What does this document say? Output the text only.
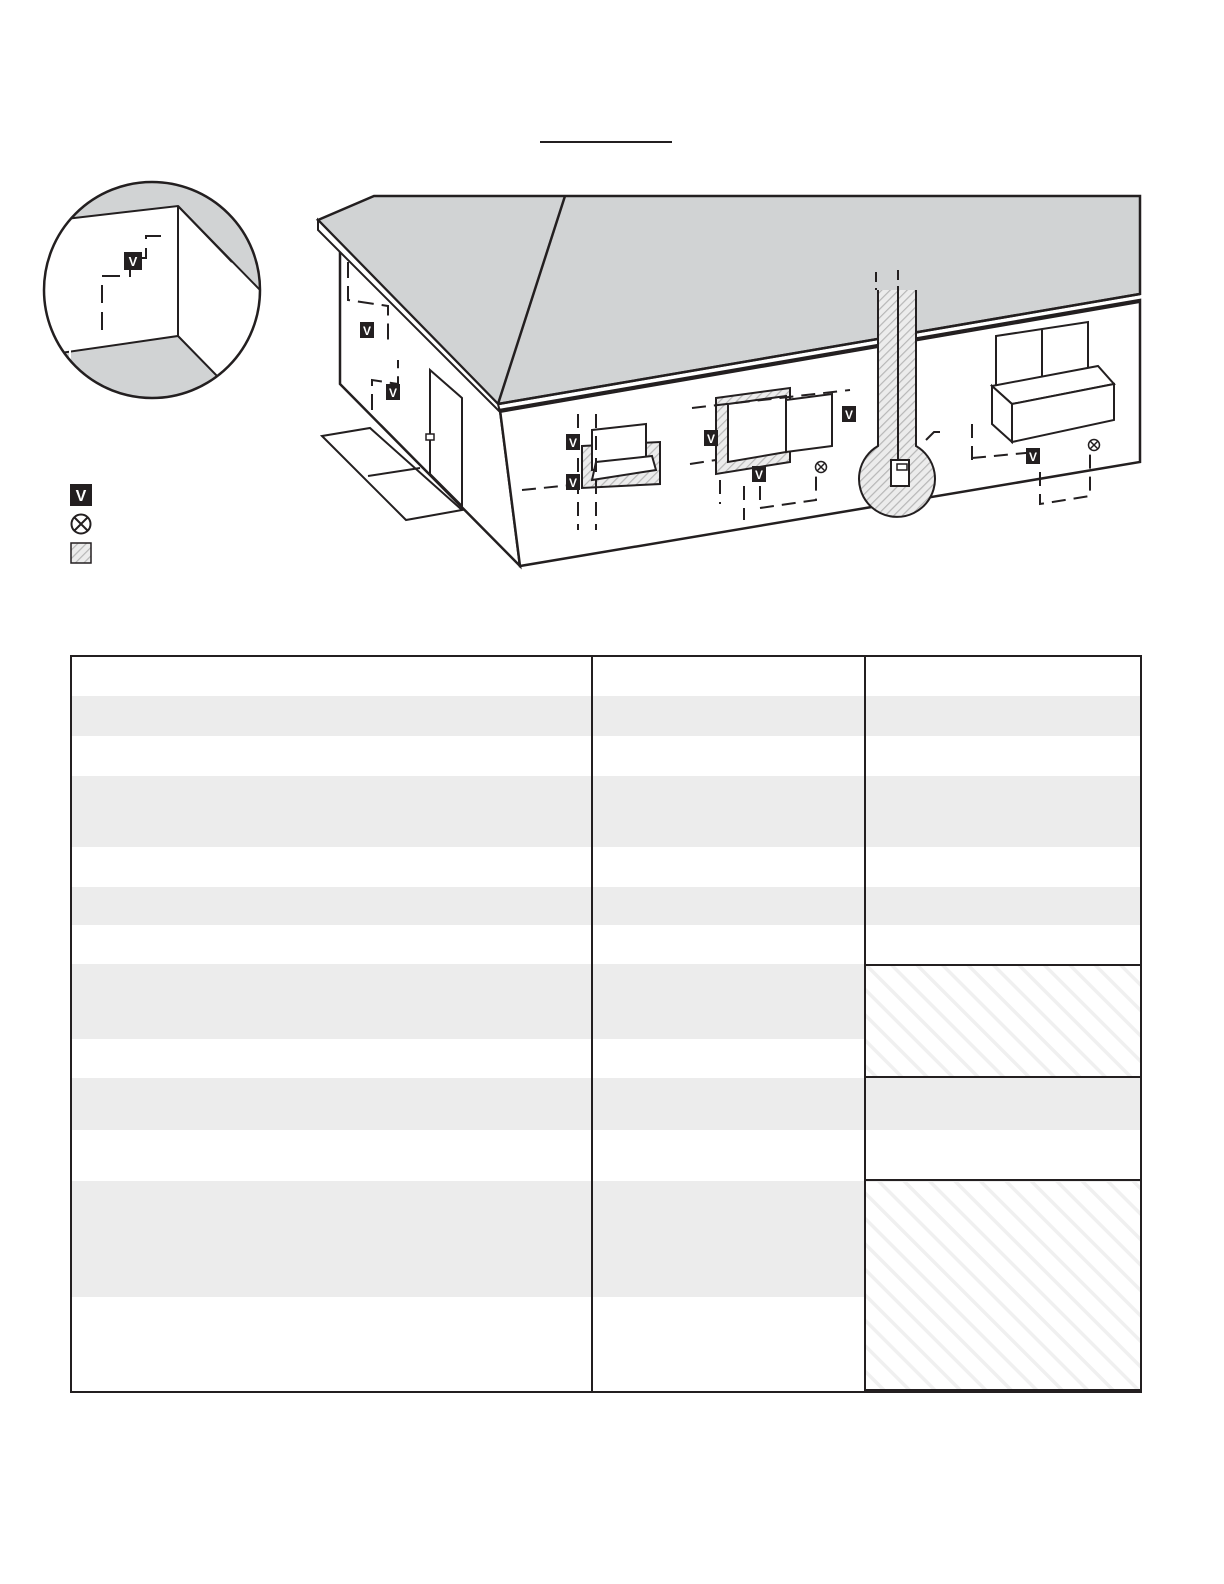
V
V
V
V
V
V
V
V
V
V
